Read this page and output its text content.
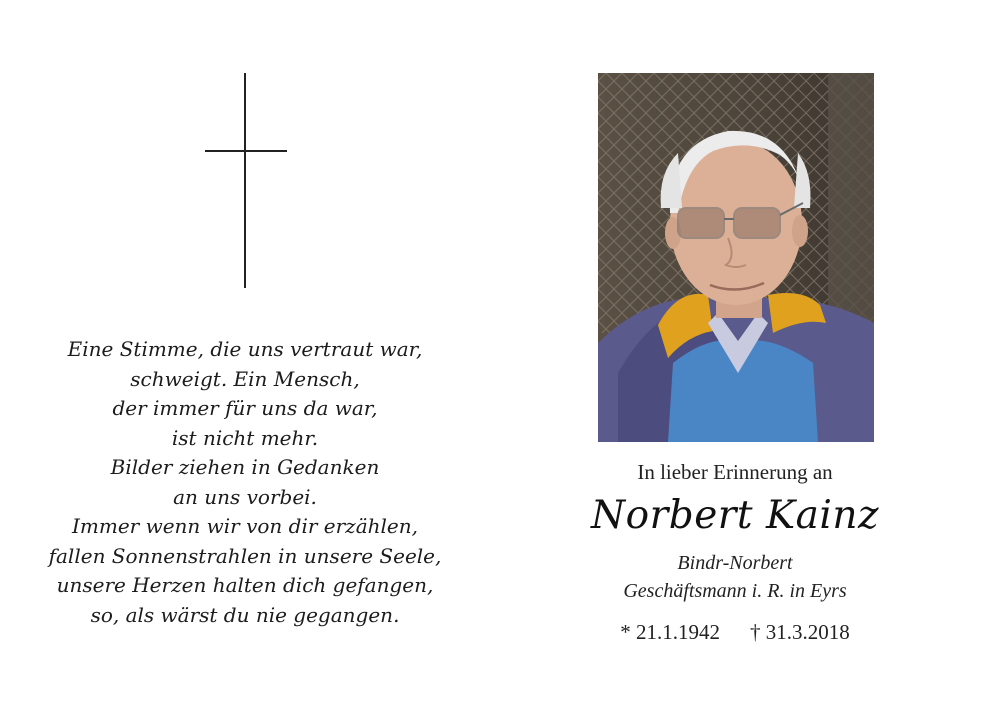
Eine Stimme, die uns vertraut war,
schweigt. Ein Mensch,
der immer für uns da war,
ist nicht mehr.
Bilder ziehen in Gedanken
an uns vorbei.
Immer wenn wir von dir erzählen,
fallen Sonnenstrahlen in unsere Seele,
unsere Herzen halten dich gefangen,
so, als wärst du nie gegangen.
In lieber Erinnerung an
Norbert Kainz
Bindr-Norbert
Geschäftsmann i. R. in Eyrs
* 21.1.1942 † 31.3.2018
